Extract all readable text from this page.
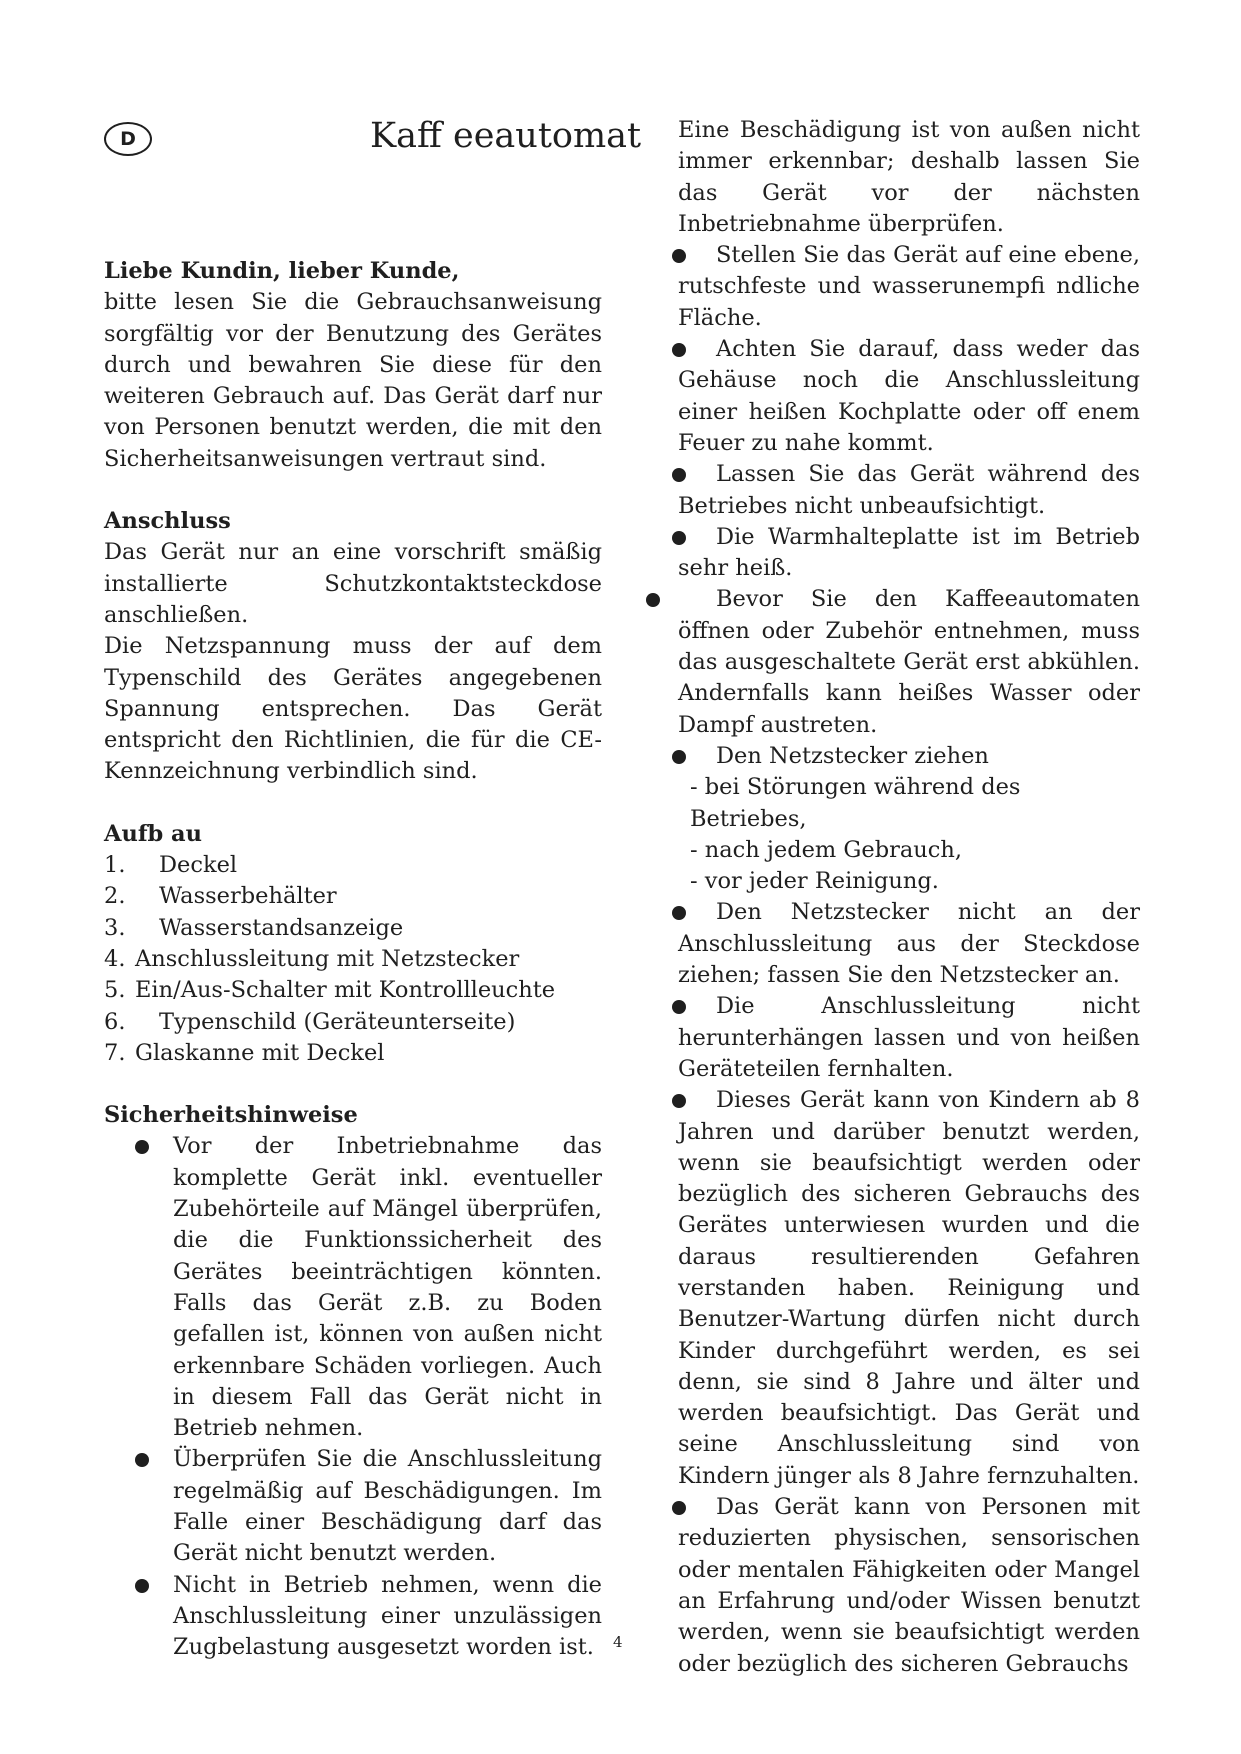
D	Kaff eeautomat

Liebe Kundin, lieber Kunde,

bitte lesen Sie die Gebrauchsanweisung sorgfältig vor der Benutzung des Gerätes durch und bewahren Sie diese für den weiteren Gebrauch auf. Das Gerät darf nur von Personen benutzt werden, die mit den Sicherheitsanweisungen vertraut sind.

Anschluss

Das Gerät nur an eine vorschrift smäßig installierte Schutzkontaktsteckdose anschließen.

Die Netzspannung muss der auf dem Typenschild des Gerätes angegebenen Spannung entsprechen. Das Gerät entspricht den Richtlinien, die für die CE-Kennzeichnung verbindlich sind.

Aufb au

1.	Deckel
2.	Wasserbehälter
3.	Wasserstandsanzeige
4. Anschlussleitung mit Netzstecker
5. Ein/Aus-Schalter mit Kontrollleuchte
6.	Typenschild (Geräteunterseite)
7. Glaskanne mit Deckel

Sicherheitshinweise

Vor der Inbetriebnahme das komplette Gerät inkl. eventueller Zubehörteile auf Mängel überprüfen, die die Funktionssicherheit des Gerätes beeinträchtigen könnten. Falls das Gerät z.B. zu Boden gefallen ist, können von außen nicht erkennbare Schäden vorliegen. Auch in diesem Fall das Gerät nicht in Betrieb nehmen.

Überprüfen Sie die Anschlussleitung regelmäßig auf Beschädigungen. Im Falle einer Beschädigung darf das Gerät nicht benutzt werden.

Nicht in Betrieb nehmen, wenn die Anschlussleitung einer unzulässigen Zugbelastung ausgesetzt worden ist.

Eine Beschädigung ist von außen nicht immer erkennbar; deshalb lassen Sie das Gerät vor der nächsten Inbetriebnahme überprüfen.

Stellen Sie das Gerät auf eine ebene, rutschfeste und wasserunempfi ndliche Fläche.

Achten Sie darauf, dass weder das Gehäuse noch die Anschlussleitung einer heißen Kochplatte oder off enem Feuer zu nahe kommt.

Lassen Sie das Gerät während des Betriebes nicht unbeaufsichtigt.

Die Warmhalteplatte ist im Betrieb sehr heiß.

Bevor Sie den Kaffeeautomaten öffnen oder Zubehör entnehmen, muss das ausgeschaltete Gerät erst abkühlen. Andernfalls kann heißes Wasser oder Dampf austreten.

Den Netzstecker ziehen

- bei Störungen während des Betriebes,
- nach jedem Gebrauch,
- vor jeder Reinigung.

Den Netzstecker nicht an der Anschlussleitung aus der Steckdose ziehen; fassen Sie den Netzstecker an.

Die Anschlussleitung nicht herunterhängen lassen und von heißen Geräteteilen fernhalten.

Dieses Gerät kann von Kindern ab 8 Jahren und darüber benutzt werden, wenn sie beaufsichtigt werden oder bezüglich des sicheren Gebrauchs des Gerätes unterwiesen wurden und die daraus resultierenden Gefahren verstanden haben. Reinigung und Benutzer-Wartung dürfen nicht durch Kinder durchgeführt werden, es sei denn, sie sind 8 Jahre und älter und werden beaufsichtigt. Das Gerät und seine Anschlussleitung sind von Kindern jünger als 8 Jahre fernzuhalten.

Das Gerät kann von Personen mit reduzierten physischen, sensorischen oder mentalen Fähigkeiten oder Mangel an Erfahrung und/oder Wissen benutzt werden, wenn sie beaufsichtigt werden oder bezüglich des sicheren Gebrauchs

4
